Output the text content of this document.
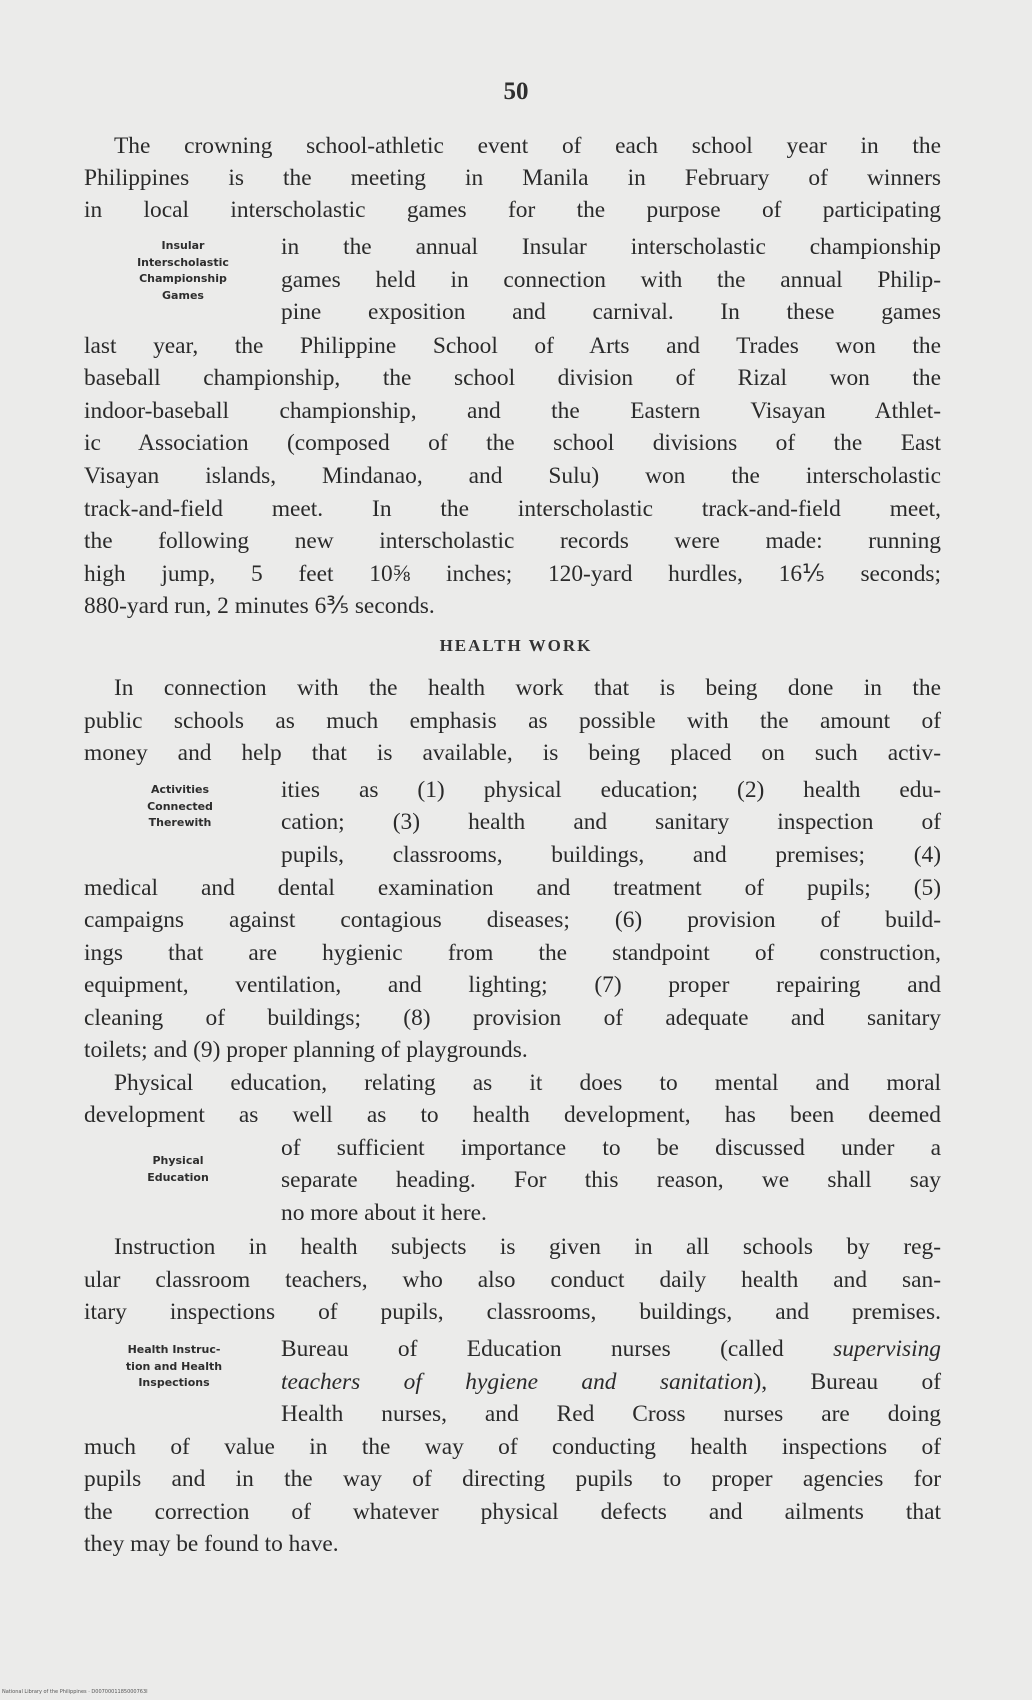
50
The crowning school-athletic event of each school year in the
Philippines is the meeting in Manila in February of winners
in local interscholastic games for the purpose of participating
in the annual Insular interscholastic championship
games held in connection with the annual Philip-
pine exposition and carnival. In these games
last year, the Philippine School of Arts and Trades won the
baseball championship, the school division of Rizal won the
indoor-baseball championship, and the Eastern Visayan Athlet-
ic Association (composed of the school divisions of the East
Visayan islands, Mindanao, and Sulu) won the interscholastic
track-and-field meet. In the interscholastic track-and-field meet,
the following new interscholastic records were made: running
high jump, 5 feet 10⅝ inches; 120-yard hurdles, 16⅕ seconds;
880-yard run, 2 minutes 6⅗ seconds.
Insular
Interscholastic
Championship
Games
HEALTH WORK
In connection with the health work that is being done in the
public schools as much emphasis as possible with the amount of
money and help that is available, is being placed on such activ-
ities as (1) physical education; (2) health edu-
cation; (3) health and sanitary inspection of
pupils, classrooms, buildings, and premises; (4)
medical and dental examination and treatment of pupils; (5)
campaigns against contagious diseases; (6) provision of build-
ings that are hygienic from the standpoint of construction,
equipment, ventilation, and lighting; (7) proper repairing and
cleaning of buildings; (8) provision of adequate and sanitary
toilets; and (9) proper planning of playgrounds.
Activities
Connected
Therewith
Physical education, relating as it does to mental and moral
development as well as to health development, has been deemed
of sufficient importance to be discussed under a
separate heading. For this reason, we shall say
no more about it here.
Physical
Education
Instruction in health subjects is given in all schools by reg-
ular classroom teachers, who also conduct daily health and san-
itary inspections of pupils, classrooms, buildings, and premises.
Bureau of Education nurses (called supervising
teachers of hygiene and sanitation), Bureau of
Health nurses, and Red Cross nurses are doing
much of value in the way of conducting health inspections of
pupils and in the way of directing pupils to proper agencies for
the correction of whatever physical defects and ailments that
they may be found to have.
Health Instruc-
tion and Health
Inspections
National Library of the Philippines · D0070001185000763I
